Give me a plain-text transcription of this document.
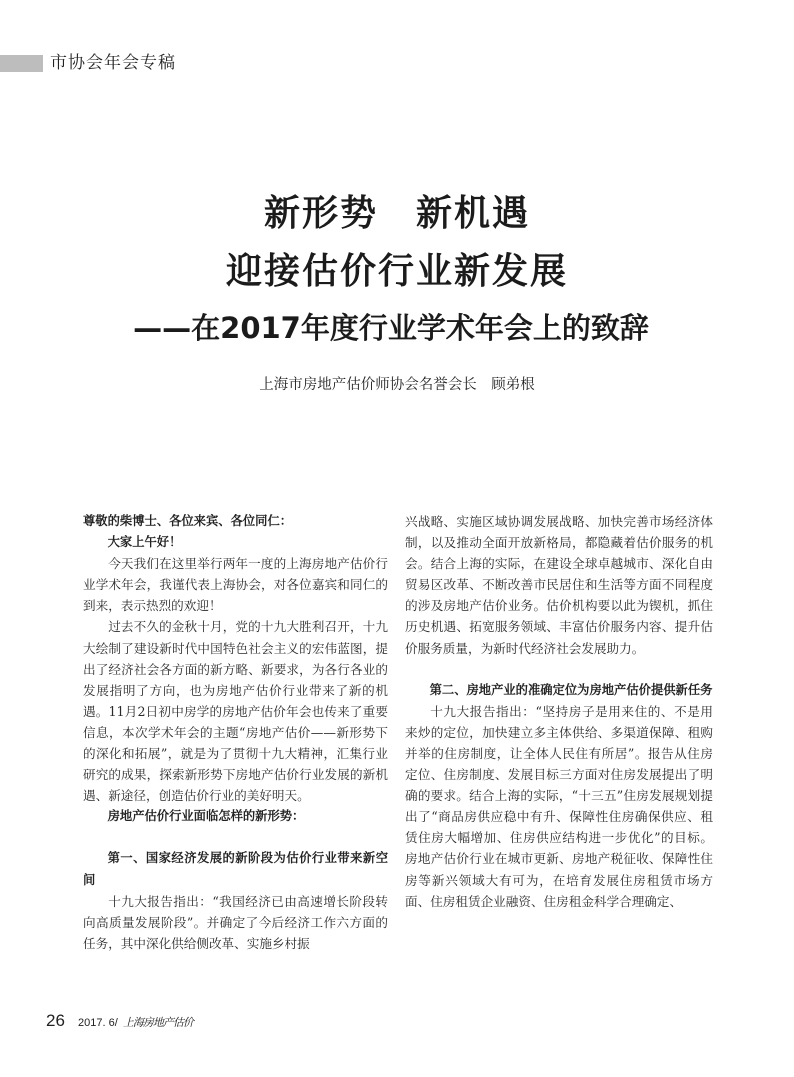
市协会年会专稿
新形势　新机遇
迎接估价行业新发展
——在2017年度行业学术年会上的致辞
上海市房地产估价师协会名誉会长　顾弟根

尊敬的柴博士、各位来宾、各位同仁：

大家上午好！

今天我们在这里举行两年一度的上海房地产估价行业学术年会，我谨代表上海协会，对各位嘉宾和同仁的到来，表示热烈的欢迎！

过去不久的金秋十月，党的十九大胜利召开，十九大绘制了建设新时代中国特色社会主义的宏伟蓝图，提出了经济社会各方面的新方略、新要求，为各行各业的发展指明了方向，也为房地产估价行业带来了新的机遇。11月2日初中房学的房地产估价年会也传来了重要信息，本次学术年会的主题“房地产估价——新形势下的深化和拓展”，就是为了贯彻十九大精神，汇集行业研究的成果，探索新形势下房地产估价行业发展的新机遇、新途径，创造估价行业的美好明天。

房地产估价行业面临怎样的新形势：

第一、国家经济发展的新阶段为估价行业带来新空间

十九大报告指出：“我国经济已由高速增长阶段转向高质量发展阶段”。并确定了今后经济工作六方面的任务，其中深化供给侧改革、实施乡村振

兴战略、实施区域协调发展战略、加快完善市场经济体制，以及推动全面开放新格局，都隐藏着估价服务的机会。结合上海的实际，在建设全球卓越城市、深化自由贸易区改革、不断改善市民居住和生活等方面不同程度的涉及房地产估价业务。估价机构要以此为锲机，抓住历史机遇、拓宽服务领域、丰富估价服务内容、提升估价服务质量，为新时代经济社会发展助力。

第二、房地产业的准确定位为房地产估价提供新任务

十九大报告指出：“坚持房子是用来住的、不是用来炒的定位，加快建立多主体供给、多渠道保障、租购并举的住房制度，让全体人民住有所居”。报告从住房定位、住房制度、发展目标三方面对住房发展提出了明确的要求。结合上海的实际，“十三五”住房发展规划提出了“商品房供应稳中有升、保障性住房确保供应、租赁住房大幅增加、住房供应结构进一步优化”的目标。房地产估价行业在城市更新、房地产税征收、保障性住房等新兴领域大有可为，在培育发展住房租赁市场方面、住房租赁企业融资、住房租金科学合理确定、

26 2017. 6/ 上海房地产估价
